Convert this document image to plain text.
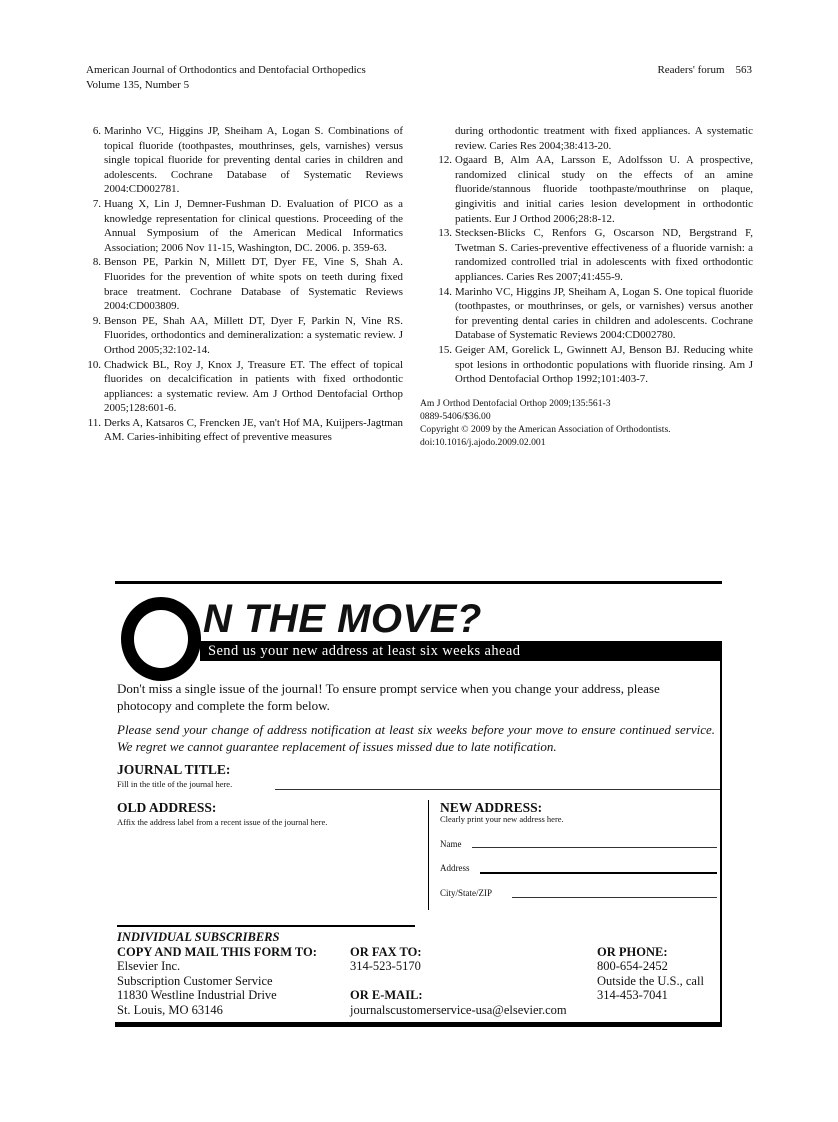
American Journal of Orthodontics and Dentofacial Orthopedics
Volume 135, Number 5
Readers' forum 563
6. Marinho VC, Higgins JP, Sheiham A, Logan S. Combinations of topical fluoride (toothpastes, mouthrinses, gels, varnishes) versus single topical fluoride for preventing dental caries in children and adolescents. Cochrane Database of Systematic Reviews 2004:CD002781.
7. Huang X, Lin J, Demner-Fushman D. Evaluation of PICO as a knowledge representation for clinical questions. Proceeding of the Annual Symposium of the American Medical Informatics Association; 2006 Nov 11-15, Washington, DC. 2006. p. 359-63.
8. Benson PE, Parkin N, Millett DT, Dyer FE, Vine S, Shah A. Fluorides for the prevention of white spots on teeth during fixed brace treatment. Cochrane Database of Systematic Reviews 2004:CD003809.
9. Benson PE, Shah AA, Millett DT, Dyer F, Parkin N, Vine RS. Fluorides, orthodontics and demineralization: a systematic review. J Orthod 2005;32:102-14.
10. Chadwick BL, Roy J, Knox J, Treasure ET. The effect of topical fluorides on decalcification in patients with fixed orthodontic appliances: a systematic review. Am J Orthod Dentofacial Orthop 2005;128:601-6.
11. Derks A, Katsaros C, Frencken JE, van't Hof MA, Kuijpers-Jagtman AM. Caries-inhibiting effect of preventive measures
during orthodontic treatment with fixed appliances. A systematic review. Caries Res 2004;38:413-20.
12. Ogaard B, Alm AA, Larsson E, Adolfsson U. A prospective, randomized clinical study on the effects of an amine fluoride/stannous fluoride toothpaste/mouthrinse on plaque, gingivitis and initial caries lesion development in orthodontic patients. Eur J Orthod 2006;28:8-12.
13. Stecksen-Blicks C, Renfors G, Oscarson ND, Bergstrand F, Twetman S. Caries-preventive effectiveness of a fluoride varnish: a randomized controlled trial in adolescents with fixed orthodontic appliances. Caries Res 2007;41:455-9.
14. Marinho VC, Higgins JP, Sheiham A, Logan S. One topical fluoride (toothpastes, or mouthrinses, or gels, or varnishes) versus another for preventing dental caries in children and adolescents. Cochrane Database of Systematic Reviews 2004:CD002780.
15. Geiger AM, Gorelick L, Gwinnett AJ, Benson BJ. Reducing white spot lesions in orthodontic populations with fluoride rinsing. Am J Orthod Dentofacial Orthop 1992;101:403-7.
Am J Orthod Dentofacial Orthop 2009;135:561-3
0889-5406/$36.00
Copyright © 2009 by the American Association of Orthodontists.
doi:10.1016/j.ajodo.2009.02.001
N THE MOVE?
Send us your new address at least six weeks ahead
Don't miss a single issue of the journal! To ensure prompt service when you change your address, please photocopy and complete the form below.
Please send your change of address notification at least six weeks before your move to ensure continued service. We regret we cannot guarantee replacement of issues missed due to late notification.
JOURNAL TITLE:
Fill in the title of the journal here.
OLD ADDRESS:
Affix the address label from a recent issue of the journal here.
NEW ADDRESS:
Clearly print your new address here.
Name
Address
City/State/ZIP
INDIVIDUAL SUBSCRIBERS
COPY AND MAIL THIS FORM TO:
Elsevier Inc.
Subscription Customer Service
11830 Westline Industrial Drive
St. Louis, MO 63146
OR FAX TO:
314-523-5170
OR E-MAIL:
journalscustomerservice-usa@elsevier.com
OR PHONE:
800-654-2452
Outside the U.S., call
314-453-7041
